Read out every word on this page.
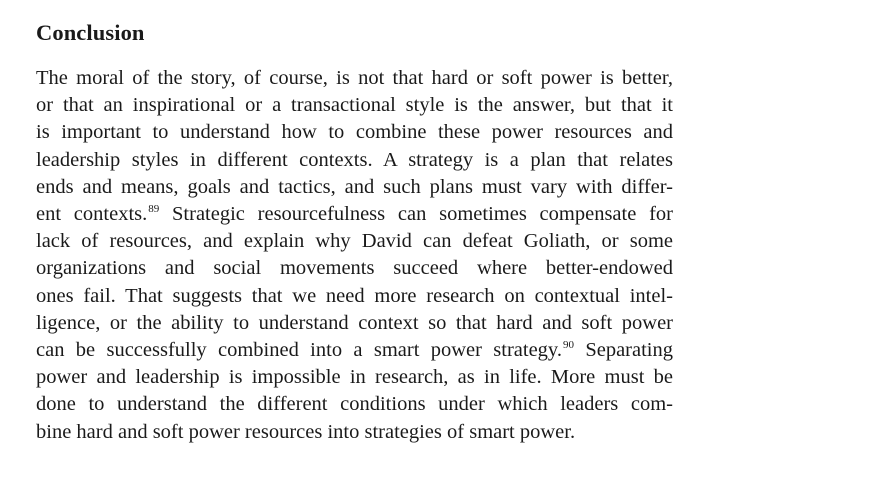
Conclusion
The moral of the story, of course, is not that hard or soft power is better,
or that an inspirational or a transactional style is the answer, but that it
is important to understand how to combine these power resources and
leadership styles in different contexts. A strategy is a plan that relates
ends and means, goals and tactics, and such plans must vary with differ-
ent contexts.$^{89}$ Strategic resourcefulness can sometimes compensate for
lack of resources, and explain why David can defeat Goliath, or some
organizations and social movements succeed where better-endowed
ones fail. That suggests that we need more research on contextual intel-
ligence, or the ability to understand context so that hard and soft power
can be successfully combined into a smart power strategy.$^{90}$ Separating
power and leadership is impossible in research, as in life. More must be
done to understand the different conditions under which leaders com-
bine hard and soft power resources into strategies of smart power.
